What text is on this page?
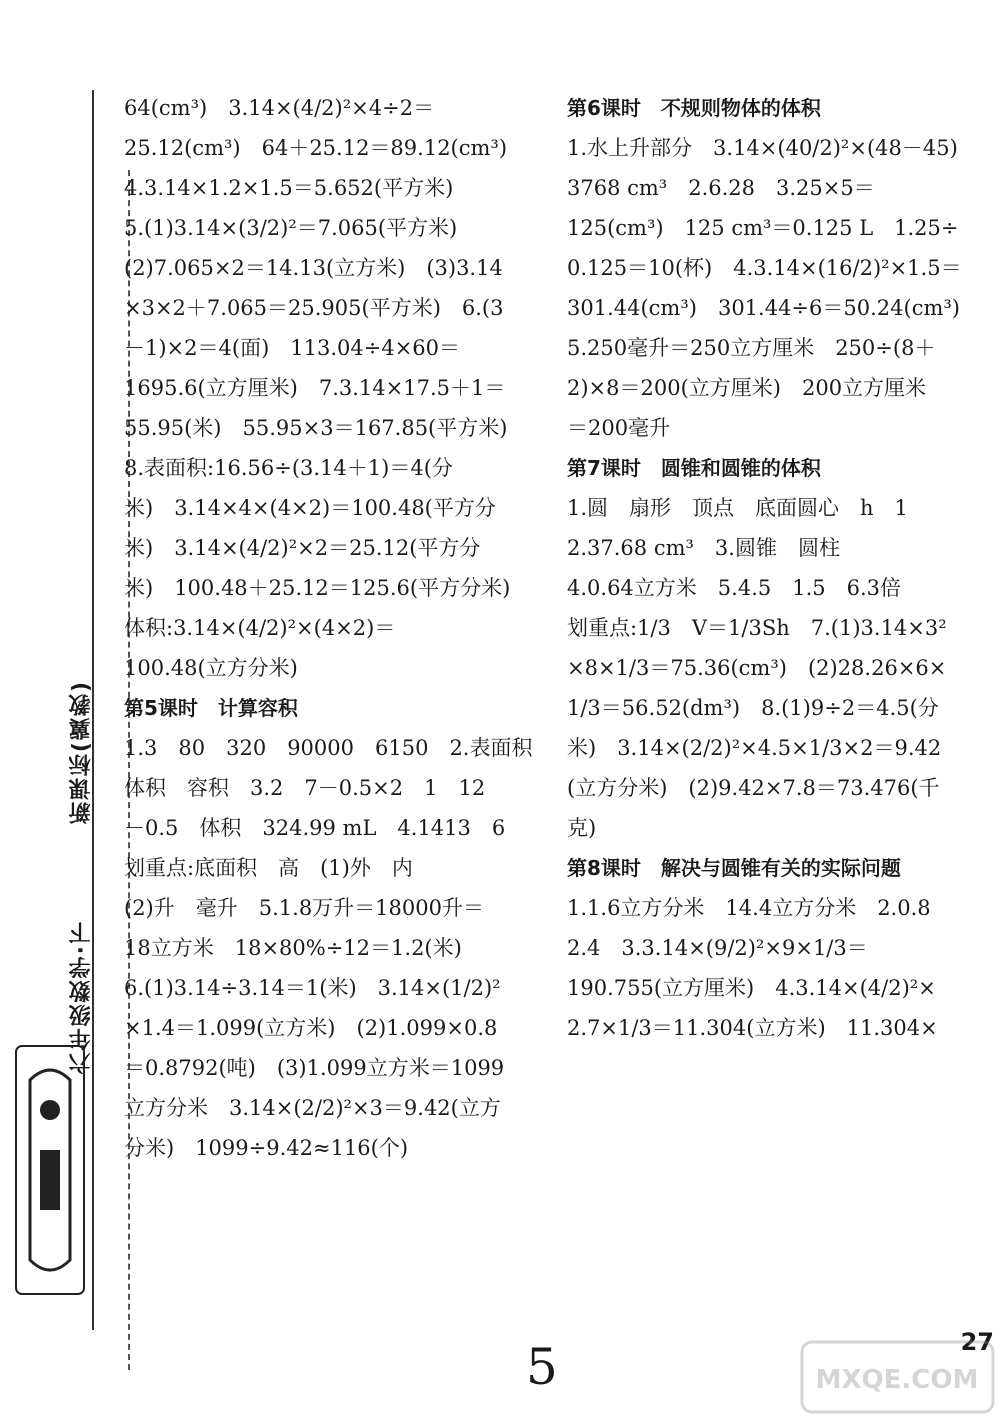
新课标(冀教)
六年级数学·下
64(cm³)　3.14×(4/2)²×4÷2＝
25.12(cm³)　64＋25.12＝89.12(cm³)
4.3.14×1.2×1.5＝5.652(平方米)
5.(1)3.14×(3/2)²＝7.065(平方米)
(2)7.065×2＝14.13(立方米)　(3)3.14
×3×2＋7.065＝25.905(平方米)　6.(3
－1)×2＝4(面)　113.04÷4×60＝
1695.6(立方厘米)　7.3.14×17.5＋1＝
55.95(米)　55.95×3＝167.85(平方米)
8.表面积:16.56÷(3.14＋1)＝4(分
米)　3.14×4×(4×2)＝100.48(平方分
米)　3.14×(4/2)²×2＝25.12(平方分
米)　100.48＋25.12＝125.6(平方分米)
体积:3.14×(4/2)²×(4×2)＝
100.48(立方分米)
第5课时　计算容积
1.3　80　320　90000　6150　2.表面积
体积　容积　3.2　7－0.5×2　1　12
－0.5　体积　324.99 mL　4.1413　6
划重点:底面积　高　(1)外　内
(2)升　毫升　5.1.8万升＝18000升＝
18立方米　18×80%÷12＝1.2(米)
6.(1)3.14÷3.14＝1(米)　3.14×(1/2)²
×1.4＝1.099(立方米)　(2)1.099×0.8
＝0.8792(吨)　(3)1.099立方米＝1099
立方分米　3.14×(2/2)²×3＝9.42(立方
分米)　1099÷9.42≈116(个)
第6课时　不规则物体的体积
1.水上升部分　3.14×(40/2)²×(48－45)
3768 cm³　2.6.28　3.25×5＝
125(cm³)　125 cm³＝0.125 L　1.25÷
0.125＝10(杯)　4.3.14×(16/2)²×1.5＝
301.44(cm³)　301.44÷6＝50.24(cm³)
5.250毫升＝250立方厘米　250÷(8＋
2)×8＝200(立方厘米)　200立方厘米
＝200毫升
第7课时　圆锥和圆锥的体积
1.圆　扇形　顶点　底面圆心　h　1
2.37.68 cm³　3.圆锥　圆柱
4.0.64立方米　5.4.5　1.5　6.3倍
划重点:1/3　V＝1/3Sh　7.(1)3.14×3²
×8×1/3＝75.36(cm³)　(2)28.26×6×
1/3＝56.52(dm³)　8.(1)9÷2＝4.5(分
米)　3.14×(2/2)²×4.5×1/3×2＝9.42
(立方分米)　(2)9.42×7.8＝73.476(千
克)
第8课时　解决与圆锥有关的实际问题
1.1.6立方分米　14.4立方分米　2.0.8
2.4　3.3.14×(9/2)²×9×1/3＝
190.755(立方厘米)　4.3.14×(4/2)²×
2.7×1/3＝11.304(立方米)　11.304×
5	27
MXQE.COM
